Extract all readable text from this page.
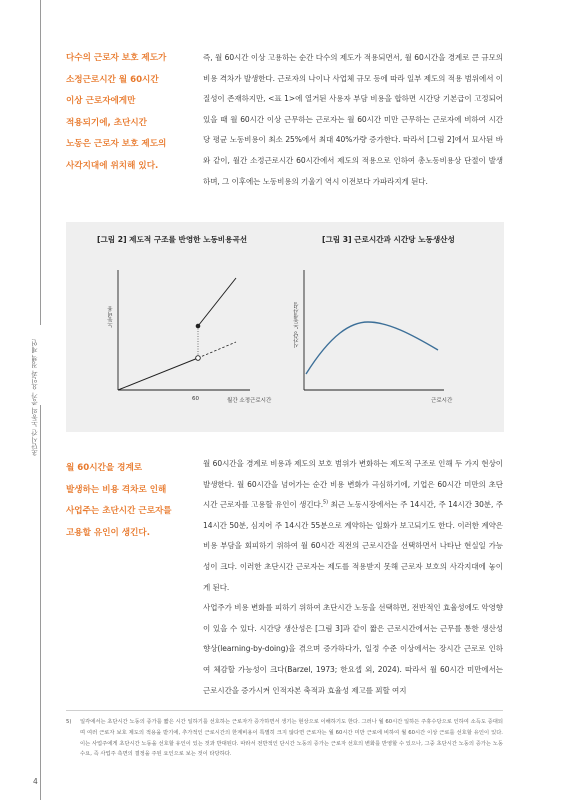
초단시간 노동의 증가 요인과 정책 제언
다수의 근로자 보호 제도가
소정근로시간 월 60시간
이상 근로자에게만
적용되기에, 초단시간
노동은 근로자 보호 제도의
사각지대에 위치해 있다.

즉, 월 60시간 이상 고용하는 순간 다수의 제도가 적용되면서, 월 60시간을 경계로 큰 규모의 비용 격차가 발생한다. 근로자의 나이나 사업체 규모 등에 따라 일부 제도의 적용 범위에서 이질성이 존재하지만, <표 1>에 열거된 사용자 부담 비용을 합하면 시간당 기본급이 고정되어 있을 때 월 60시간 이상 근무하는 근로자는 월 60시간 미만 근무하는 근로자에 비하여 시간당 평균 노동비용이 최소 25%에서 최대 40%가량 증가한다. 따라서 [그림 2]에서 묘사된 바와 같이, 월간 소정근로시간 60시간에서 제도의 적용으로 인하여 총노동비용상 단절이 발생하며, 그 이후에는 노동비용의 기울기 역시 이전보다 가파라지게 된다.

[그림 2] 제도적 구조를 반영한 노동비용곡선	[그림 3] 근로시간과 시간당 노동생산성
노동비용
60	월간 소정근로시간
시간당 노동생산성
근로시간
월 60시간을 경계로
발생하는 비용 격차로 인해
사업주는 초단시간 근로자를
고용할 유인이 생긴다.

월 60시간을 경계로 비용과 제도의 보호 범위가 변화하는 제도적 구조로 인해 두 가지 현상이 발생한다. 월 60시간을 넘어가는 순간 비용 변화가 극심하기에, 기업은 60시간 미만의 초단시간 근로자를 고용할 유인이 생긴다.$^{5)}$ 최근 노동시장에서는 주 14시간, 주 14시간 30분, 주 14시간 50분, 심지어 주 14시간 55분으로 계약하는 일화가 보고되기도 한다. 이러한 계약은 비용 부담을 회피하기 위하여 월 60시간 직전의 근로시간을 선택하면서 나타난 현실일 가능성이 크다. 이러한 초단시간 근로자는 제도를 적용받지 못해 근로자 보호의 사각지대에 놓이게 된다.

사업주가 비용 변화를 피하기 위하여 초단시간 노동을 선택하면, 전반적인 효율성에도 악영향이 있을 수 있다. 시간당 생산성은 [그림 3]과 같이 짧은 근로시간에서는 근무를 통한 생산성 향상(learning-by-doing)을 겪으며 증가하다가, 일정 수준 이상에서는 장시간 근로로 인하여 체감할 가능성이 크다(Barzel, 1973; 한요셉 외, 2024). 따라서 월 60시간 미만에서는 근로시간을 증가시켜 인적자본 축적과 효율성 제고를 꾀할 여지

5)	일각에서는 초단시간 노동의 증가를 짧은 시간 일하기를 선호하는 근로자가 증가하면서 생기는 현상으로 이해하기도 한다. 그러나 월 60시간 일하든 주휴수당으로 인하여 소득도 증대되며 여러 근로자 보호 제도의 적용을 받기에, 추가적인 근로시간의 한계비용이 특별히 크지 않다면 근로자는 월 60시간 미만 근로에 비하여 월 60시간 이상 근로를 선호할 유인이 있다. 이는 사업주에게 초단시간 노동을 선호할 유인이 있는 것과 반대된다. 따라서 전반적인 단시간 노동의 증가는 근로자 선호의 변화를 반영할 수 있으나, 그중 초단시간 노동의 증가는 노동수요, 즉 사업주 측면의 결정을 주된 요인으로 보는 것이 타당하다.
4
